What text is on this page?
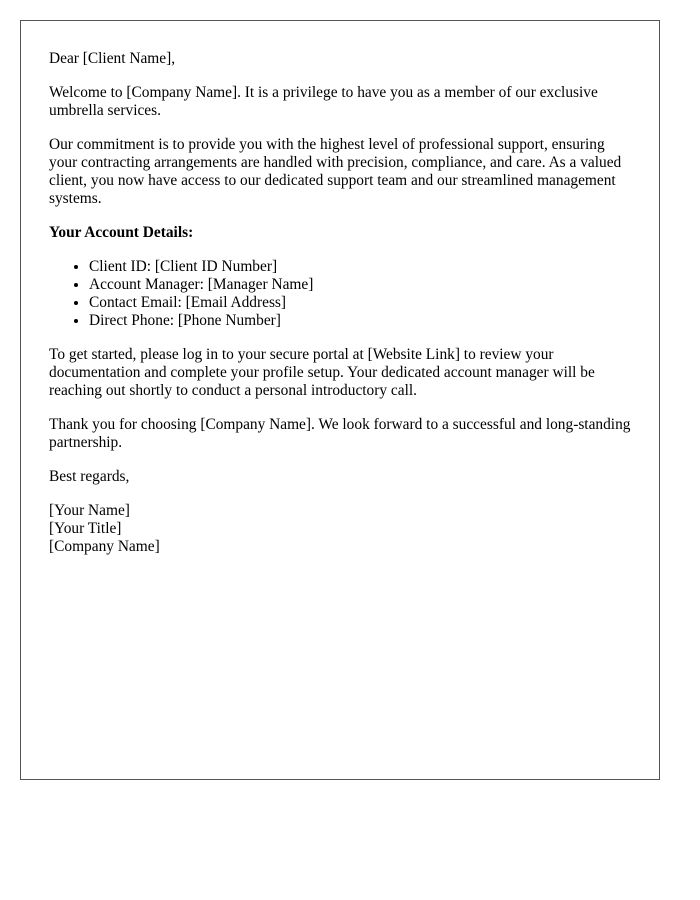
Dear [Client Name],

Welcome to [Company Name]. It is a privilege to have you as a member of our exclusive umbrella services.

Our commitment is to provide you with the highest level of professional support, ensuring your contracting arrangements are handled with precision, compliance, and care. As a valued client, you now have access to our dedicated support team and our streamlined management systems.

Your Account Details:
• Client ID: [Client ID Number]
• Account Manager: [Manager Name]
• Contact Email: [Email Address]
• Direct Phone: [Phone Number]

To get started, please log in to your secure portal at [Website Link] to review your documentation and complete your profile setup. Your dedicated account manager will be reaching out shortly to conduct a personal introductory call.

Thank you for choosing [Company Name]. We look forward to a successful and long-standing partnership.

Best regards,

[Your Name]
[Your Title]
[Company Name]
